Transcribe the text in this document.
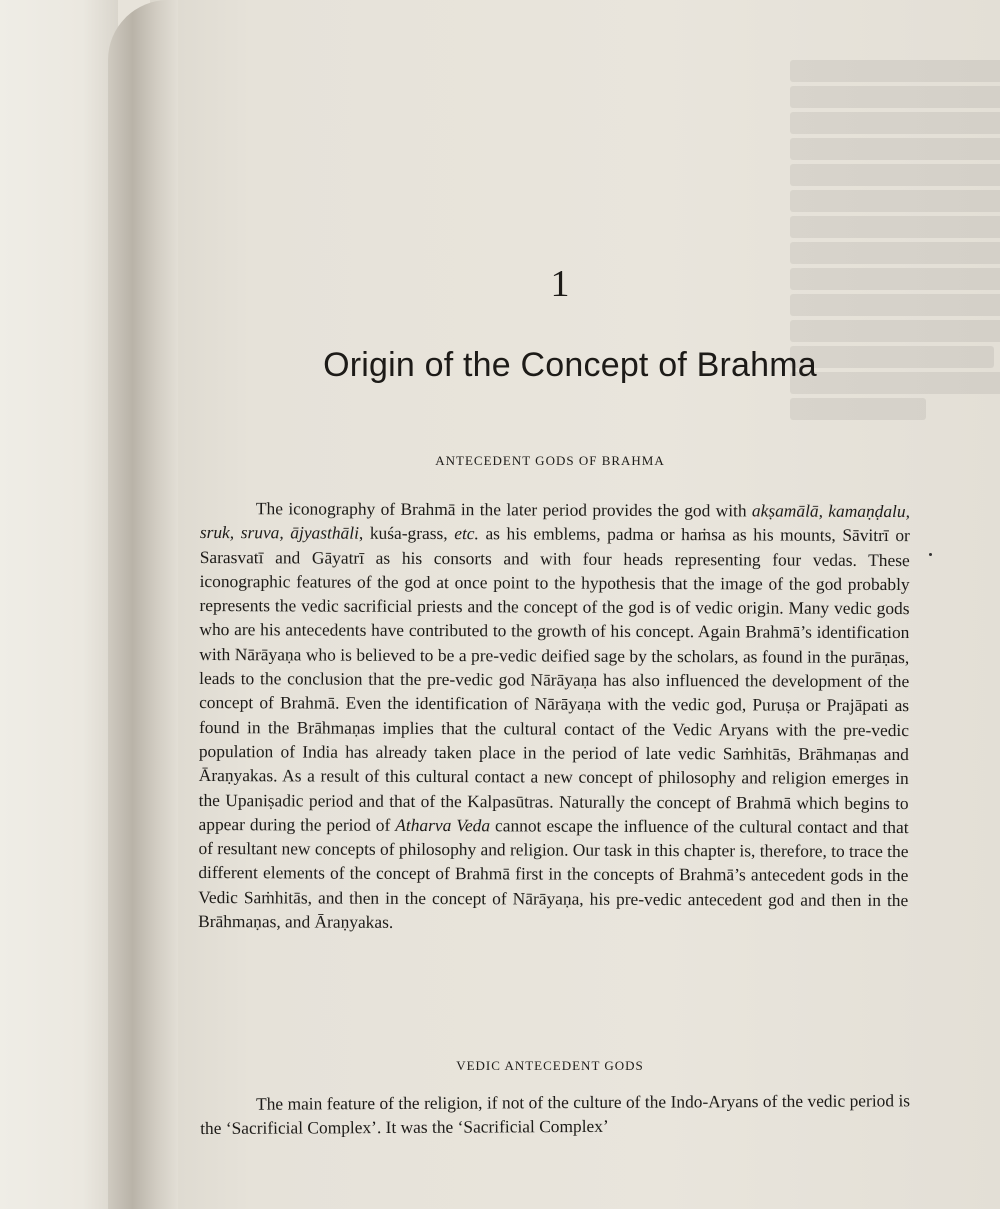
1
Origin of the Concept of Brahma
ANTECEDENT GODS OF BRAHMA

The iconography of Brahmā in the later period provides the god with akṣamālā, kamaṇḍalu, sruk, sruva, ājyasthāli, kuśa-grass, etc. as his emblems, padma or haṁsa as his mounts, Sāvitrī or Sarasvatī and Gāyatrī as his consorts and with four heads representing four vedas. These iconographic features of the god at once point to the hypothesis that the image of the god probably represents the vedic sacrificial priests and the concept of the god is of vedic origin. Many vedic gods who are his antecedents have contributed to the growth of his concept. Again Brahmā’s identification with Nārāyaṇa who is believed to be a pre-vedic deified sage by the scholars, as found in the purāṇas, leads to the conclusion that the pre-vedic god Nārāyaṇa has also influenced the development of the concept of Brahmā. Even the identification of Nārāyaṇa with the vedic god, Puruṣa or Prajāpati as found in the Brāhmaṇas implies that the cultural contact of the Vedic Aryans with the pre-vedic population of India has already taken place in the period of late vedic Saṁhitās, Brāhmaṇas and Āraṇyakas. As a result of this cultural contact a new concept of philosophy and religion emerges in the Upaniṣadic period and that of the Kalpasūtras. Naturally the concept of Brahmā which begins to appear during the period of Atharva Veda cannot escape the influence of the cultural contact and that of resultant new concepts of philosophy and religion. Our task in this chapter is, therefore, to trace the different elements of the concept of Brahmā first in the concepts of Brahmā’s antecedent gods in the Vedic Saṁhitās, and then in the concept of Nārāyaṇa, his pre-vedic antecedent god and then in the Brāhmaṇas, and Āraṇyakas.

VEDIC ANTECEDENT GODS

The main feature of the religion, if not of the culture of the Indo-Aryans of the vedic period is the ‘Sacrificial Complex’. It was the ‘Sacrificial Complex’
